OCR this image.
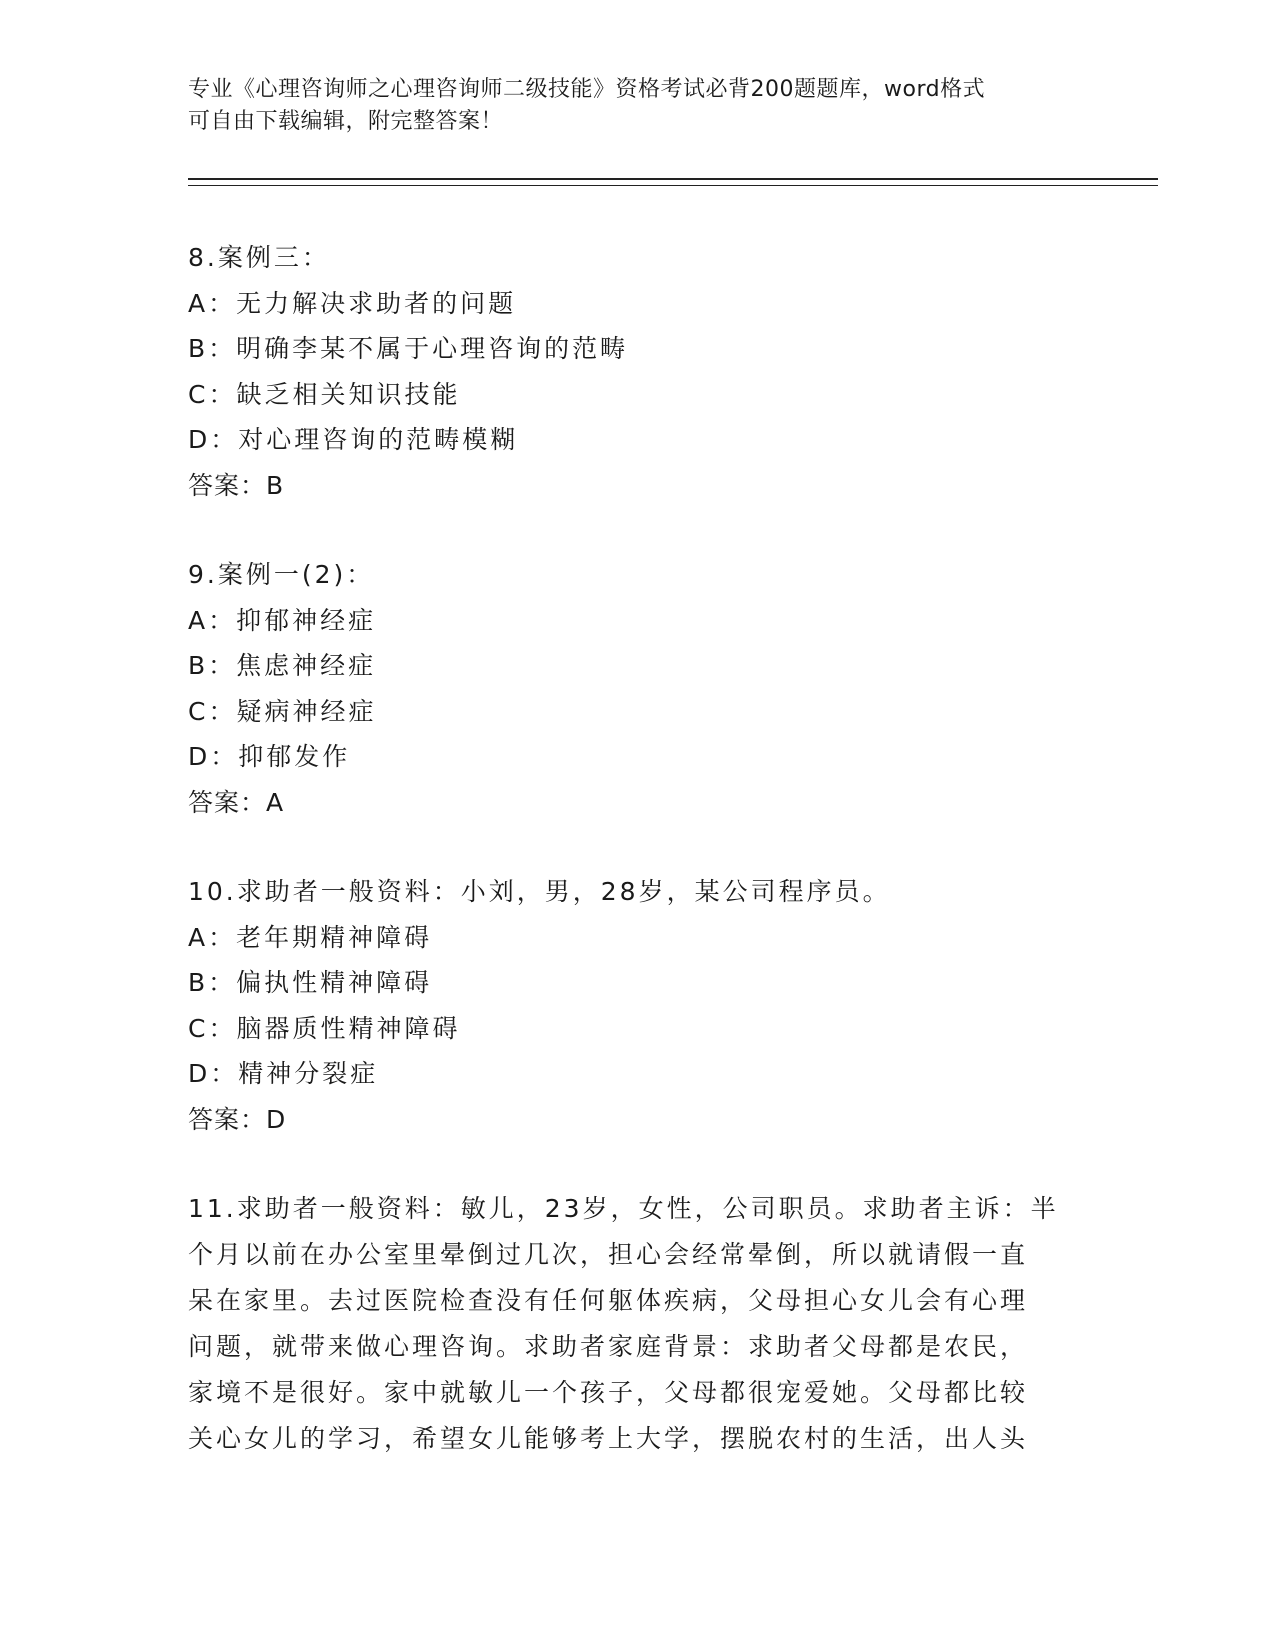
专业《心理咨询师之心理咨询师二级技能》资格考试必背200题题库，word格式
可自由下载编辑，附完整答案！
8.案例三：
A：无力解决求助者的问题
B：明确李某不属于心理咨询的范畴
C：缺乏相关知识技能
D：对心理咨询的范畴模糊
答案：B
9.案例一(2)：
A：抑郁神经症
B：焦虑神经症
C：疑病神经症
D：抑郁发作
答案：A
10.求助者一般资料：小刘，男，28岁，某公司程序员。
A：老年期精神障碍
B：偏执性精神障碍
C：脑器质性精神障碍
D：精神分裂症
答案：D
11.求助者一般资料：敏儿，23岁，女性，公司职员。求助者主诉：半
个月以前在办公室里晕倒过几次，担心会经常晕倒，所以就请假一直
呆在家里。去过医院检查没有任何躯体疾病，父母担心女儿会有心理
问题，就带来做心理咨询。求助者家庭背景：求助者父母都是农民，
家境不是很好。家中就敏儿一个孩子，父母都很宠爱她。父母都比较
关心女儿的学习，希望女儿能够考上大学，摆脱农村的生活，出人头
